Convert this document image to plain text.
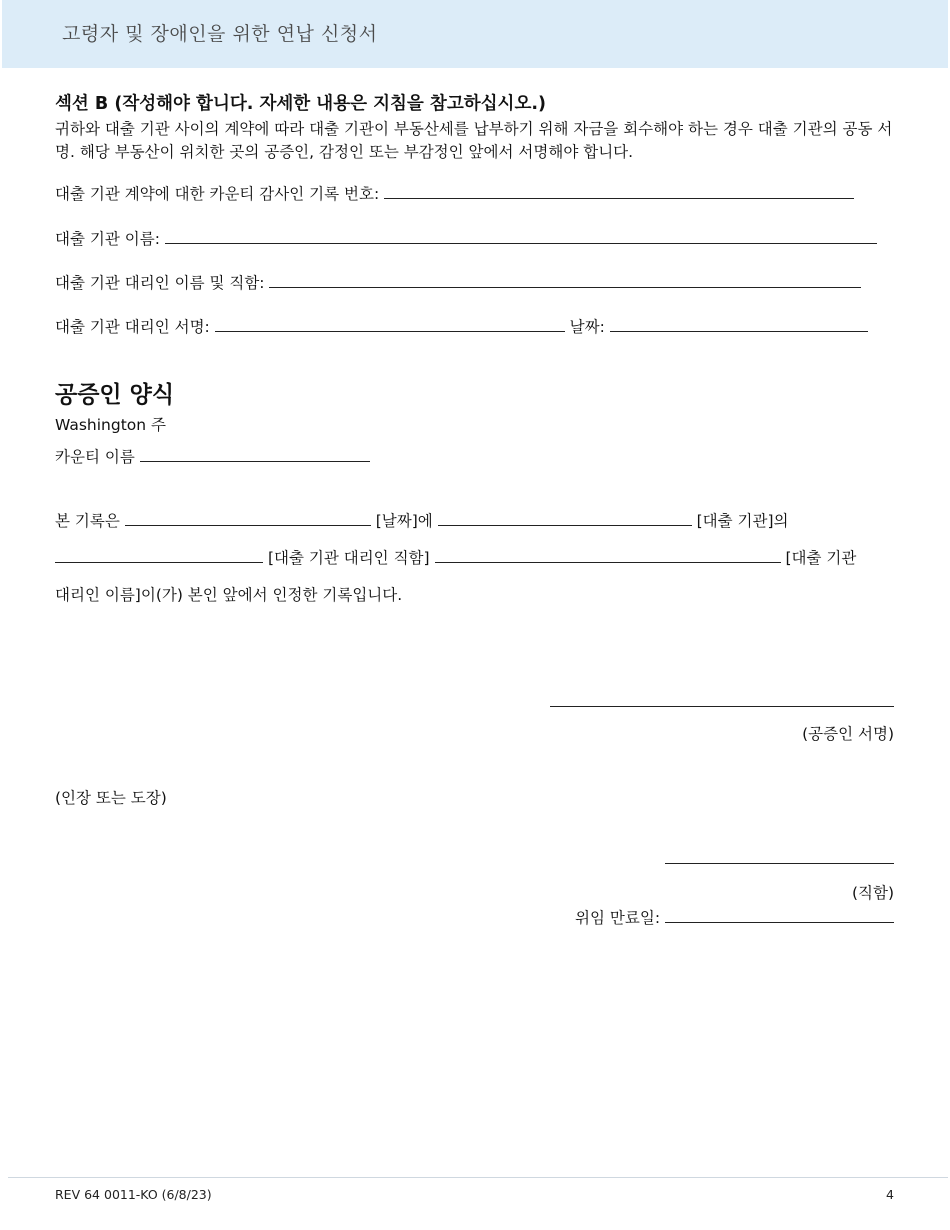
고령자 및 장애인을 위한 연납 신청서
섹션 B (작성해야 합니다. 자세한 내용은 지침을 참고하십시오.)
귀하와 대출 기관 사이의 계약에 따라 대출 기관이 부동산세를 납부하기 위해 자금을 회수해야 하는 경우 대출 기관의 공동 서명. 해당 부동산이 위치한 곳의 공증인, 감정인 또는 부감정인 앞에서 서명해야 합니다.
대출 기관 계약에 대한 카운티 감사인 기록 번호:
대출 기관 이름:
대출 기관 대리인 이름 및 직함:
대출 기관 대리인 서명:	날짜:
공증인 양식
Washington 주
카운티 이름
본 기록은	[날짜]에	[대출 기관]의
[대출 기관 대리인 직함]	[대출 기관
대리인 이름]이(가) 본인 앞에서 인정한 기록입니다.
(공증인 서명)
(인장 또는 도장)
(직함)
위임 만료일:
REV 64 0011-KO (6/8/23)	4
